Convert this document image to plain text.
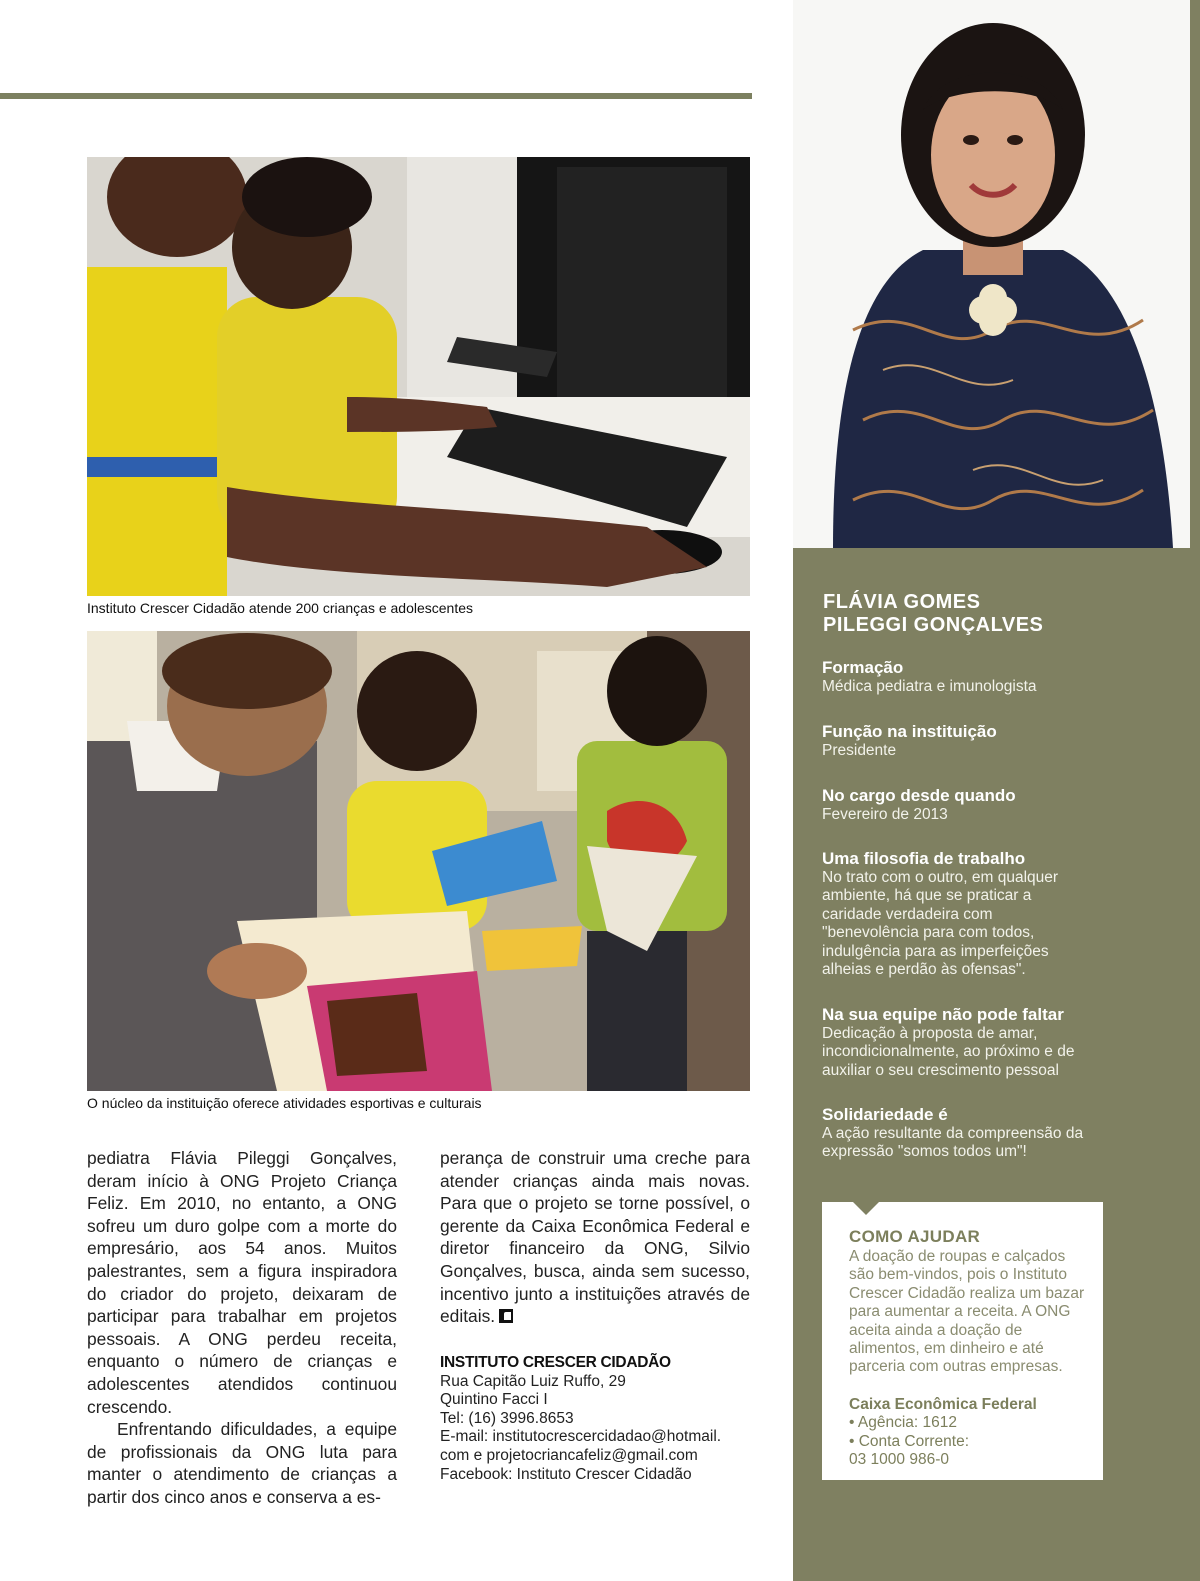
Instituto Crescer Cidadão atende 200 crianças e adolescentes
O núcleo da instituição oferece atividades esportivas e culturais

pediatra Flávia Pileggi Gonçalves, deram início à ONG Projeto Criança Feliz. Em 2010, no entanto, a ONG sofreu um duro golpe com a morte do empresário, aos 54 anos. Muitos palestrantes, sem a figura inspiradora do criador do projeto, deixaram de participar para trabalhar em projetos pessoais. A ONG perdeu receita, enquanto o número de crianças e adolescentes atendidos continuou crescendo.

Enfrentando dificuldades, a equipe de profissionais da ONG luta para manter o atendimento de crianças a partir dos cinco anos e conserva a es-

perança de construir uma creche para atender crianças ainda mais novas. Para que o projeto se torne possível, o gerente da Caixa Econômica Federal e diretor financeiro da ONG, Silvio Gonçalves, busca, ainda sem sucesso, incentivo junto a instituições através de editais.

INSTITUTO CRESCER CIDADÃO
Rua Capitão Luiz Ruffo, 29
Quintino Facci I
Tel: (16) 3996.8653
E-mail: institutocrescercidadao@hotmail.
com e projetocriancafeliz@gmail.com
Facebook: Instituto Crescer Cidadão
FLÁVIA GOMES
PILEGGI GONÇALVES
Formação
Médica pediatra e imunologista
Função na instituição
Presidente
No cargo desde quando
Fevereiro de 2013
Uma filosofia de trabalho
No trato com o outro, em qualquer ambiente, há que se praticar a caridade verdadeira com "benevolência para com todos, indulgência para as imperfeições alheias e perdão às ofensas".
Na sua equipe não pode faltar
Dedicação à proposta de amar, incondicionalmente, ao próximo e de auxiliar o seu crescimento pessoal
Solidariedade é
A ação resultante da compreensão da expressão "somos todos um"!
COMO AJUDAR
A doação de roupas e calçados são bem-vindos, pois o Instituto Crescer Cidadão realiza um bazar para aumentar a receita. A ONG aceita ainda a doação de alimentos, em dinheiro e até parceria com outras empresas.
Caixa Econômica Federal
• Agência: 1612
• Conta Corrente:
03 1000 986-0
